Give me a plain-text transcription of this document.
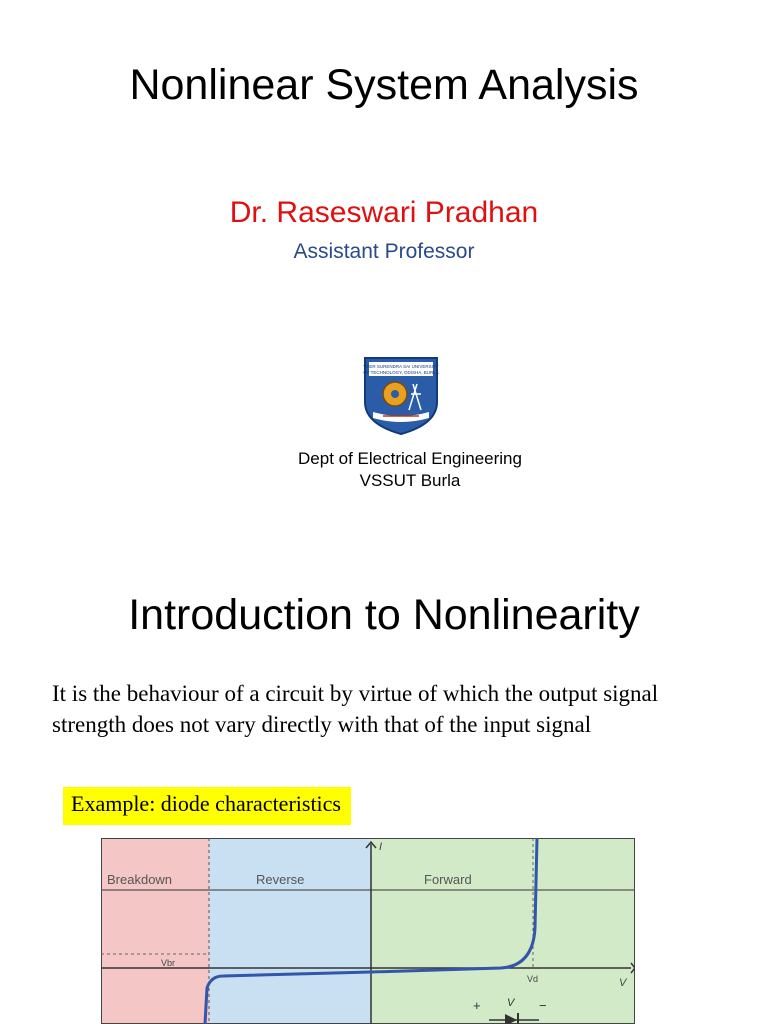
Nonlinear System Analysis
Dr. Raseswari Pradhan
Assistant Professor
VEER SURENDRA SAI UNIVERSITY
OF TECHNOLOGY, ODISHA, BURLA
Dept of Electrical Engineering
VSSUT Burla
Introduction to Nonlinearity
It is the behaviour of a circuit by virtue of which the output signal
strength does not vary directly with that of the input signal
Example: diode characteristics
Breakdown	Reverse	Forward
I
V
Vbr
Vd
+ V −
